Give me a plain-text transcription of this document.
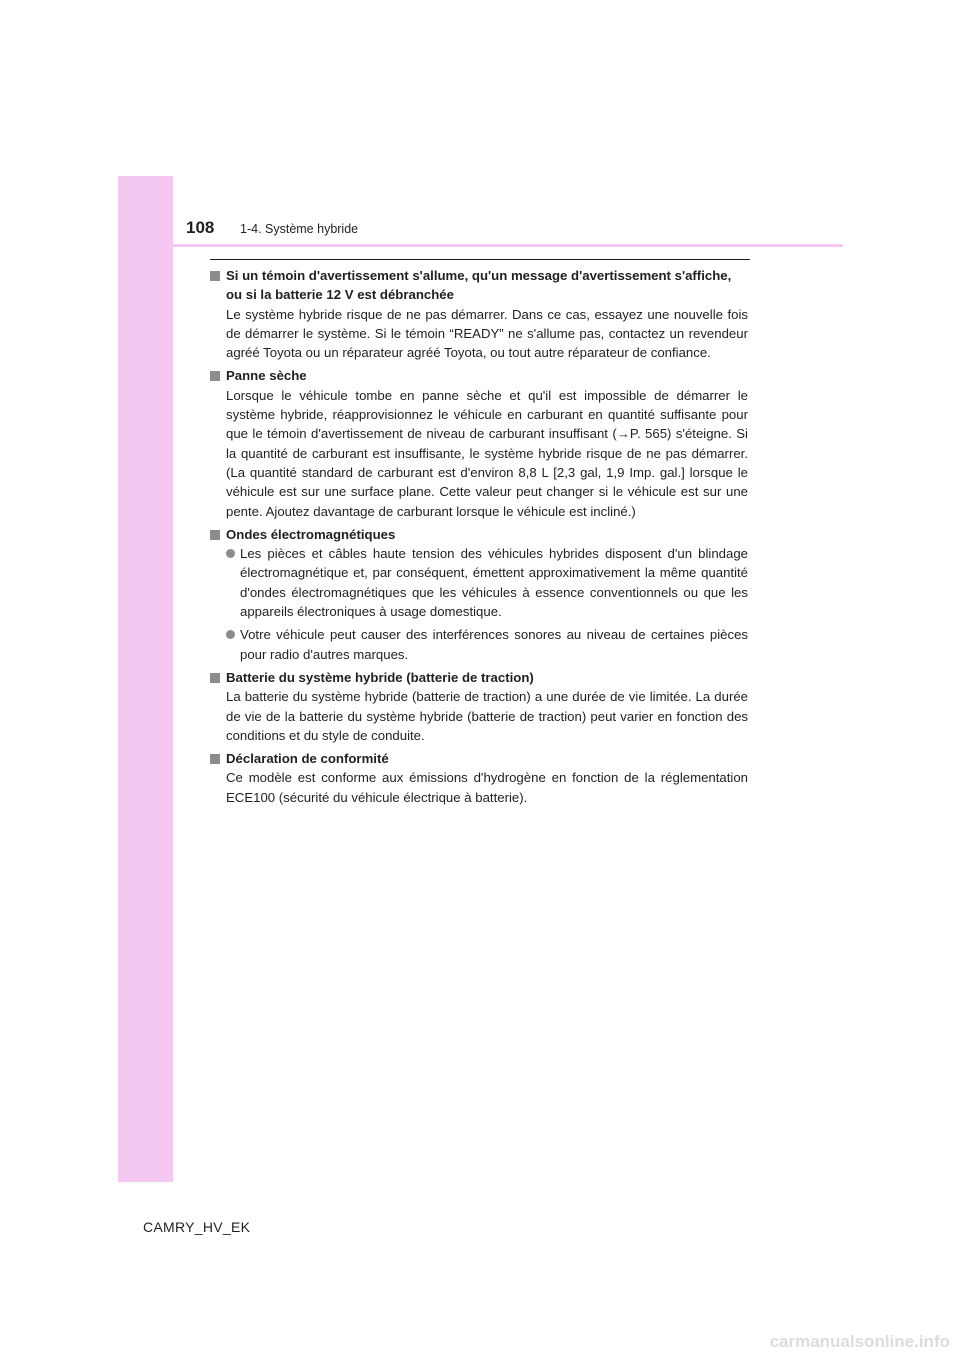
108 1-4. Système hybride
Si un témoin d'avertissement s'allume, qu'un message d'avertissement s'affiche, ou si la batterie 12 V est débranchée
Le système hybride risque de ne pas démarrer. Dans ce cas, essayez une nouvelle fois de démarrer le système. Si le témoin “READY” ne s'allume pas, contactez un revendeur agréé Toyota ou un réparateur agréé Toyota, ou tout autre réparateur de confiance.
Panne sèche
Lorsque le véhicule tombe en panne sèche et qu'il est impossible de démarrer le système hybride, réapprovisionnez le véhicule en carburant en quantité suffisante pour que le témoin d'avertissement de niveau de carburant insuffisant (→P. 565) s'éteigne. Si la quantité de carburant est insuffisante, le système hybride risque de ne pas démarrer. (La quantité standard de carburant est d'environ 8,8 L [2,3 gal, 1,9 Imp. gal.] lorsque le véhicule est sur une surface plane. Cette valeur peut changer si le véhicule est sur une pente. Ajoutez davantage de carburant lorsque le véhicule est incliné.)
Ondes électromagnétiques
Les pièces et câbles haute tension des véhicules hybrides disposent d'un blindage électromagnétique et, par conséquent, émettent approximativement la même quantité d'ondes électromagnétiques que les véhicules à essence conventionnels ou que les appareils électroniques à usage domestique.
Votre véhicule peut causer des interférences sonores au niveau de certaines pièces pour radio d'autres marques.
Batterie du système hybride (batterie de traction)
La batterie du système hybride (batterie de traction) a une durée de vie limitée. La durée de vie de la batterie du système hybride (batterie de traction) peut varier en fonction des conditions et du style de conduite.
Déclaration de conformité
Ce modèle est conforme aux émissions d'hydrogène en fonction de la réglementation ECE100 (sécurité du véhicule électrique à batterie).
CAMRY_HV_EK
carmanualsonline.info
